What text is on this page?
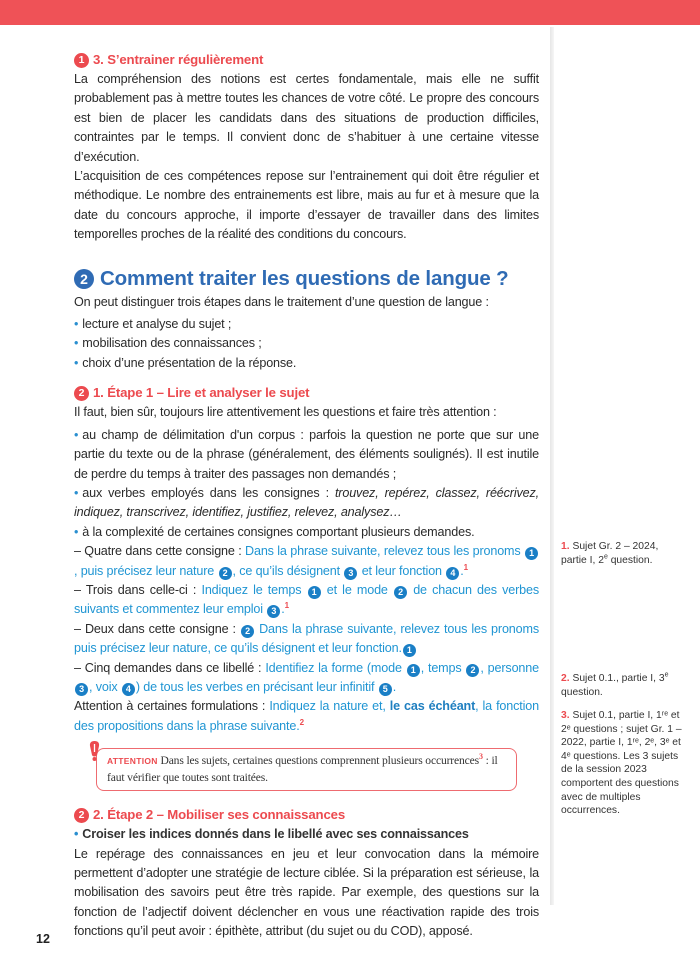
1 3. S’entrainer régulièrement

La compréhension des notions est certes fondamentale, mais elle ne suffit probablement pas à mettre toutes les chances de votre côté. Le propre des concours est bien de placer les candidats dans des situations de production difficiles, contraintes par le temps. Il convient donc de s’habituer à une certaine vitesse d’exécution.

L’acquisition de ces compétences repose sur l’entrainement qui doit être régulier et méthodique. Le nombre des entrainements est libre, mais au fur et à mesure que la date du concours approche, il importe d’essayer de travailler dans des limites temporelles proches de la réalité des conditions du concours.

2 Comment traiter les questions de langue ?

On peut distinguer trois étapes dans le traitement d’une question de langue :

• lecture et analyse du sujet ;

• mobilisation des connaissances ;

• choix d’une présentation de la réponse.

2 1. Étape 1 – Lire et analyser le sujet

Il faut, bien sûr, toujours lire attentivement les questions et faire très attention :

• au champ de délimitation d'un corpus : parfois la question ne porte que sur une partie du texte ou de la phrase (généralement, des éléments soulignés). Il est inutile de perdre du temps à traiter des passages non demandés ;

• aux verbes employés dans les consignes : trouvez, repérez, classez, réécrivez, indiquez, transcrivez, identifiez, justifiez, relevez, analysez…

• à la complexité de certaines consignes comportant plusieurs demandes.

– Quatre dans cette consigne : Dans la phrase suivante, relevez tous les pronoms 1, puis précisez leur nature 2 , ce qu’ils désignent 3 et leur fonction 4 .$^1$

– Trois dans celle-ci : Indiquez le temps 1 et le mode 2 de chacun des verbes suivants et commentez leur emploi 3 .$^1$

– Deux dans cette consigne : 2 Dans la phrase suivante, relevez tous les pronoms puis précisez leur nature, ce qu’ils désignent et leur fonction. 1

– Cinq demandes dans ce libellé : Identifiez la forme (mode 1 , temps 2 , personne 3 , voix 4 ) de tous les verbes en précisant leur infinitif 5 .

Attention à certaines formulations : Indiquez la nature et, le cas échéant, la fonction des propositions dans la phrase suivante.$^2$

ATTENTION Dans les sujets, certaines questions comprennent plusieurs occurrences$^3$ : il faut vérifier que toutes sont traitées.
2 2. Étape 2 – Mobiliser ses connaissances

• Croiser les indices donnés dans le libellé avec ses connaissances

Le repérage des connaissances en jeu et leur convocation dans la mémoire permettent d’adopter une stratégie de lecture ciblée. Si la préparation est sérieuse, la mobilisation des savoirs peut être très rapide. Par exemple, des questions sur la fonction de l’adjectif doivent déclencher en vous une réactivation rapide des trois fonctions qu’il peut avoir : épithète, attribut (du sujet ou du COD), apposé.

1. Sujet Gr. 2 – 2024, partie I, 2e question.

2. Sujet 0.1., partie I, 3e question.

3. Sujet 0.1, partie I, 1ʳᵉ et 2ᵉ questions ; sujet Gr. 1 – 2022, partie I, 1ʳᵉ, 2ᵉ, 3ᵉ et 4ᵉ questions. Les 3 sujets de la session 2023 comportent des questions avec de multiples occurrences.

12
